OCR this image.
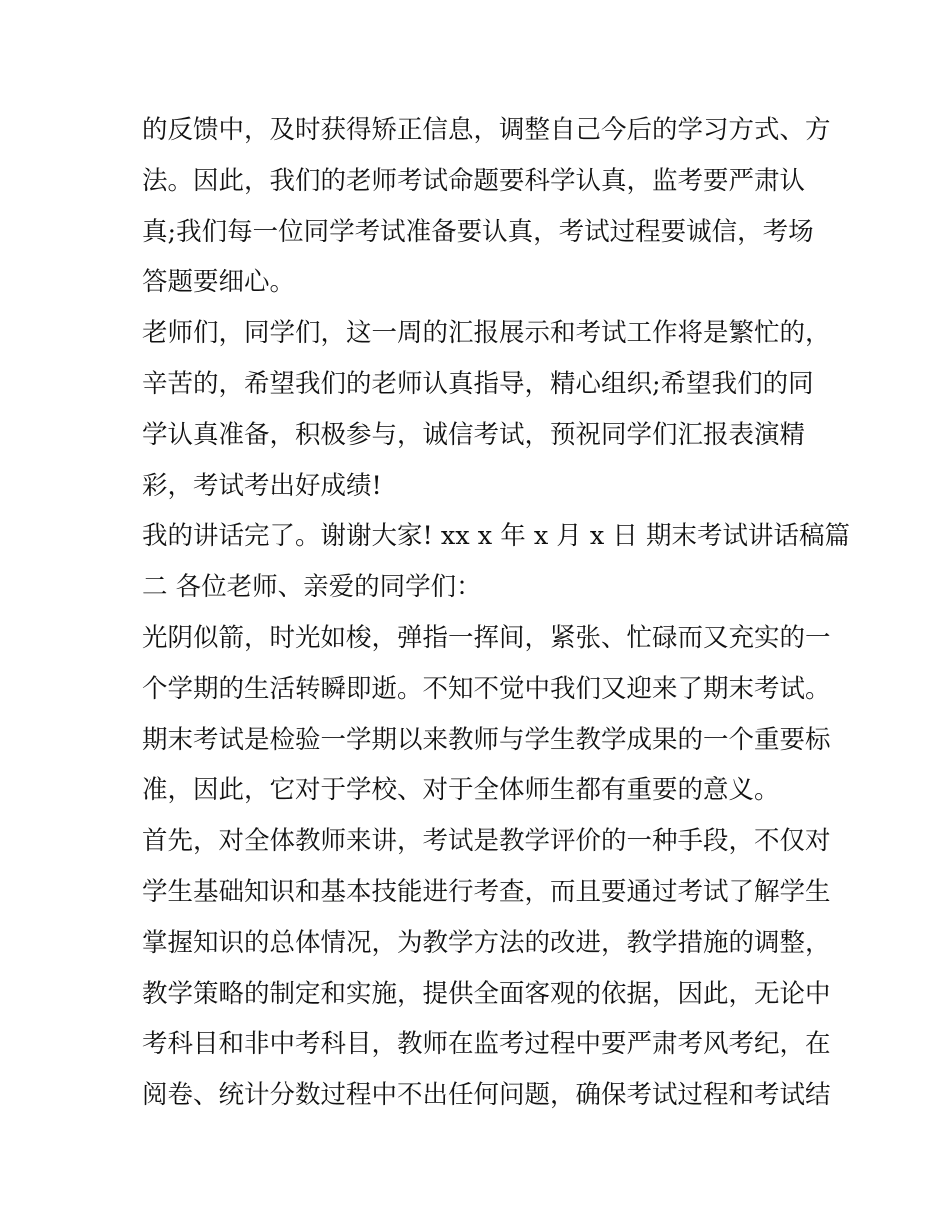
的反馈中，及时获得矫正信息，调整自己今后的学习方式、方
法。因此，我们的老师考试命题要科学认真，监考要严肃认
真;我们每一位同学考试准备要认真，考试过程要诚信，考场
答题要细心。
老师们，同学们，这一周的汇报展示和考试工作将是繁忙的，
辛苦的，希望我们的老师认真指导，精心组织;希望我们的同
学认真准备，积极参与，诚信考试，预祝同学们汇报表演精
彩，考试考出好成绩!
我的讲话完了。谢谢大家! xx x 年 x 月 x 日 期末考试讲话稿篇
二 各位老师、亲爱的同学们：
光阴似箭，时光如梭，弹指一挥间，紧张、忙碌而又充实的一
个学期的生活转瞬即逝。不知不觉中我们又迎来了期末考试。
期末考试是检验一学期以来教师与学生教学成果的一个重要标
准，因此，它对于学校、对于全体师生都有重要的意义。
首先，对全体教师来讲，考试是教学评价的一种手段，不仅对
学生基础知识和基本技能进行考查，而且要通过考试了解学生
掌握知识的总体情况，为教学方法的改进，教学措施的调整，
教学策略的制定和实施，提供全面客观的依据，因此，无论中
考科目和非中考科目，教师在监考过程中要严肃考风考纪，在
阅卷、统计分数过程中不出任何问题，确保考试过程和考试结
